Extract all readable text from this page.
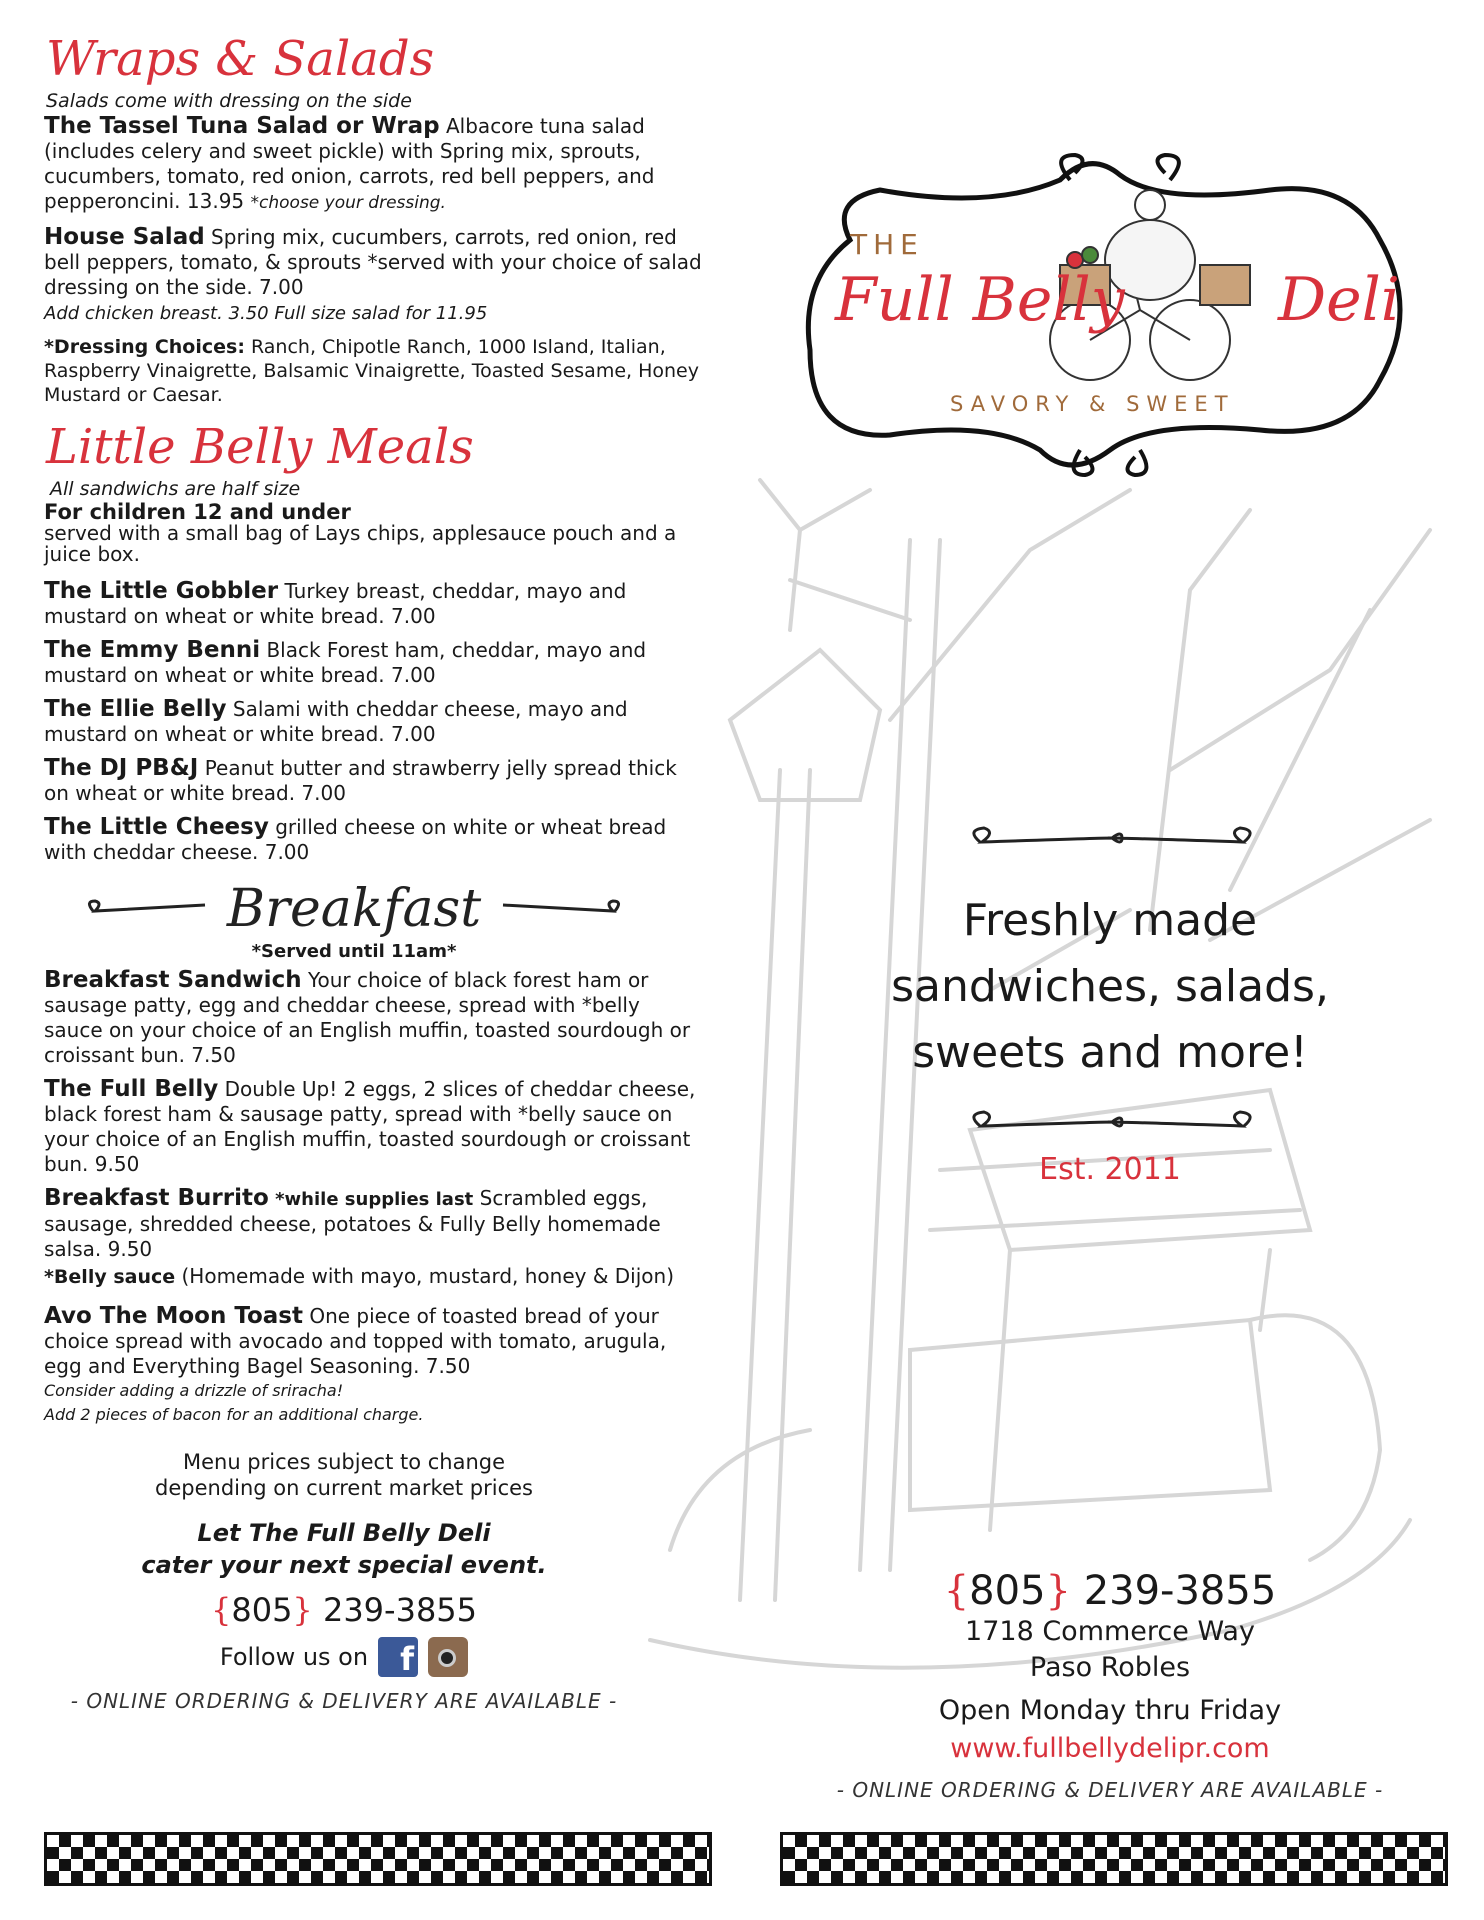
Wraps & Salads
Salads come with dressing on the side
The Tassel Tuna Salad or Wrap Albacore tuna salad (includes celery and sweet pickle) with Spring mix, sprouts, cucumbers, tomato, red onion, carrots, red bell peppers, and pepperoncini. 13.95 *choose your dressing.
House Salad Spring mix, cucumbers, carrots, red onion, red bell peppers, tomato, & sprouts *served with your choice of salad dressing on the side. 7.00
Add chicken breast. 3.50 Full size salad for 11.95
*Dressing Choices: Ranch, Chipotle Ranch, 1000 Island, Italian, Raspberry Vinaigrette, Balsamic Vinaigrette, Toasted Sesame, Honey Mustard or Caesar.
Little Belly Meals
All sandwichs are half size
For children 12 and under
served with a small bag of Lays chips, applesauce pouch and a juice box.
The Little Gobbler Turkey breast, cheddar, mayo and mustard on wheat or white bread. 7.00
The Emmy Benni Black Forest ham, cheddar, mayo and mustard on wheat or white bread. 7.00
The Ellie Belly Salami with cheddar cheese, mayo and mustard on wheat or white bread. 7.00
The DJ PB&J Peanut butter and strawberry jelly spread thick on wheat or white bread. 7.00
The Little Cheesy grilled cheese on white or wheat bread with cheddar cheese. 7.00
Breakfast
*Served until 11am*
Breakfast Sandwich Your choice of black forest ham or sausage patty, egg and cheddar cheese, spread with *belly sauce on your choice of an English muffin, toasted sourdough or croissant bun. 7.50
The Full Belly Double Up! 2 eggs, 2 slices of cheddar cheese, black forest ham & sausage patty, spread with *belly sauce on your choice of an English muffin, toasted sourdough or croissant bun. 9.50
Breakfast Burrito *while supplies last Scrambled eggs, sausage, shredded cheese, potatoes & Fully Belly homemade salsa. 9.50
*Belly sauce (Homemade with mayo, mustard, honey & Dijon)
Avo The Moon Toast One piece of toasted bread of your choice spread with avocado and topped with tomato, arugula, egg and Everything Bagel Seasoning. 7.50
Consider adding a drizzle of sriracha!
Add 2 pieces of bacon for an additional charge.
Menu prices subject to change
depending on current market prices
Let The Full Belly Deli
cater your next special event.
{805} 239-3855
Follow us on	f
- ONLINE ORDERING & DELIVERY ARE AVAILABLE -
THE
Full Belly	Deli
SAVORY & SWEET
Freshly made
sandwiches, salads,
sweets and more!
Est. 2011
{805} 239-3855
1718 Commerce Way
Paso Robles
Open Monday thru Friday
www.fullbellydelipr.com
- ONLINE ORDERING & DELIVERY ARE AVAILABLE -
